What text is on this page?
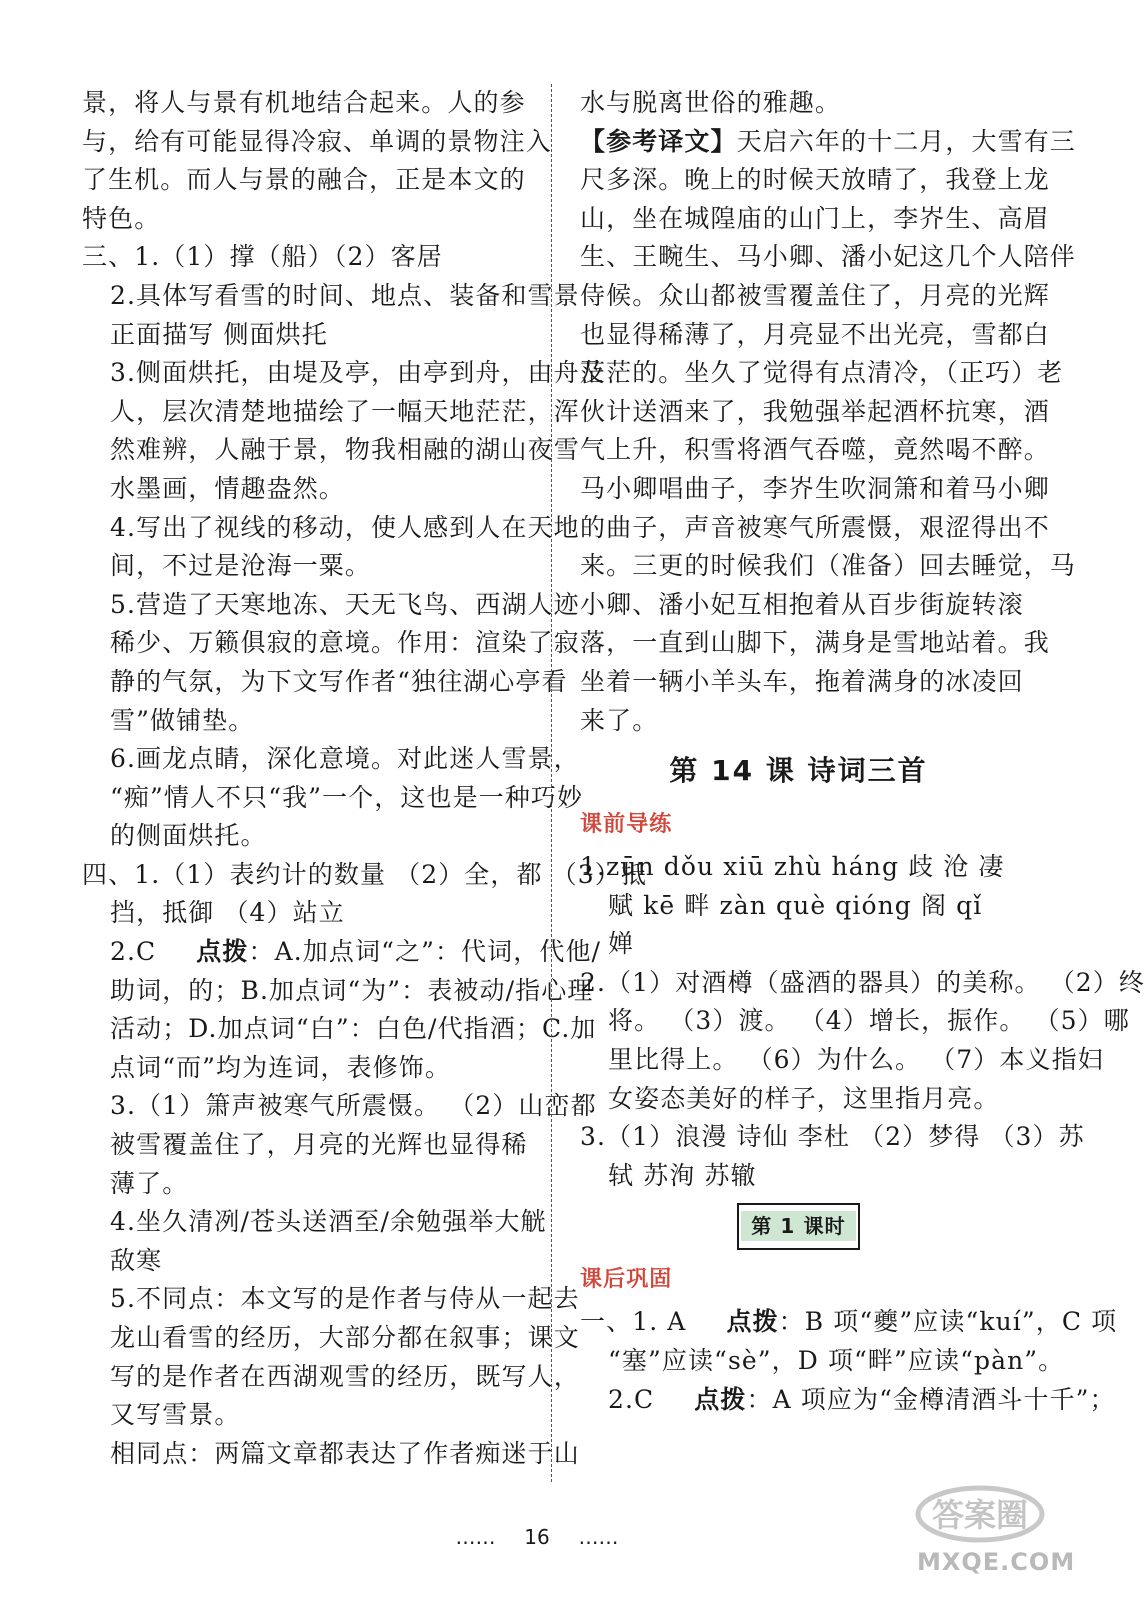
景，将人与景有机地结合起来。人的参
与，给有可能显得冷寂、单调的景物注入
了生机。而人与景的融合，正是本文的
特色。
三、1.（1）撑（船）（2）客居
2.具体写看雪的时间、地点、装备和雪景
正面描写 侧面烘托
3.侧面烘托，由堤及亭，由亭到舟，由舟及
人，层次清楚地描绘了一幅天地茫茫，浑
然难辨，人融于景，物我相融的湖山夜雪
水墨画，情趣盎然。
4.写出了视线的移动，使人感到人在天地
间，不过是沧海一粟。
5.营造了天寒地冻、天无飞鸟、西湖人迹
稀少、万籁俱寂的意境。作用：渲染了寂
静的气氛，为下文写作者“独往湖心亭看
雪”做铺垫。
6.画龙点睛，深化意境。对此迷人雪景，
“痴”情人不只“我”一个，这也是一种巧妙
的侧面烘托。
四、1.（1）表约计的数量 （2）全，都 （3）抵
挡，抵御 （4）站立
2.C 点拨：A.加点词“之”：代词，代他/
助词，的；B.加点词“为”：表被动/指心理
活动；D.加点词“白”：白色/代指酒；C.加
点词“而”均为连词，表修饰。
3.（1）箫声被寒气所震慑。 （2）山峦都
被雪覆盖住了，月亮的光辉也显得稀
薄了。
4.坐久清冽/苍头送酒至/余勉强举大觥
敌寒
5.不同点：本文写的是作者与侍从一起去
龙山看雪的经历，大部分都在叙事；课文
写的是作者在西湖观雪的经历，既写人，
又写雪景。
相同点：两篇文章都表达了作者痴迷于山
水与脱离世俗的雅趣。
【参考译文】天启六年的十二月，大雪有三
尺多深。晚上的时候天放晴了，我登上龙
山，坐在城隍庙的山门上，李岕生、高眉
生、王畹生、马小卿、潘小妃这几个人陪伴
侍候。众山都被雪覆盖住了，月亮的光辉
也显得稀薄了，月亮显不出光亮，雪都白
茫茫的。坐久了觉得有点清冷，（正巧）老
伙计送酒来了，我勉强举起酒杯抗寒，酒
气上升，积雪将酒气吞噬，竟然喝不醉。
马小卿唱曲子，李岕生吹洞箫和着马小卿
的曲子，声音被寒气所震慑，艰涩得出不
来。三更的时候我们（准备）回去睡觉，马
小卿、潘小妃互相抱着从百步街旋转滚
落，一直到山脚下，满身是雪地站着。我
坐着一辆小羊头车，拖着满身的冰凌回
来了。
第 14 课 诗词三首
课前导练
1.zūn dǒu xiū zhù háng 歧 沧 凄
赋 kē 畔 zàn què qióng 阁 qǐ
婵
2.（1）对酒樽（盛酒的器具）的美称。 （2）终
将。 （3）渡。 （4）增长，振作。 （5）哪
里比得上。 （6）为什么。 （7）本义指妇
女姿态美好的样子，这里指月亮。
3.（1）浪漫 诗仙 李杜 （2）梦得 （3）苏
轼 苏洵 苏辙
第 1 课时
课后巩固
一、1. A 点拨：B 项“夔”应读“kuí”，C 项
“塞”应读“sè”，D 项“畔”应读“pàn”。
2.C 点拨：A 项应为“金樽清酒斗十千”；
…… 16 ……
答案圈
MXQE.COM
